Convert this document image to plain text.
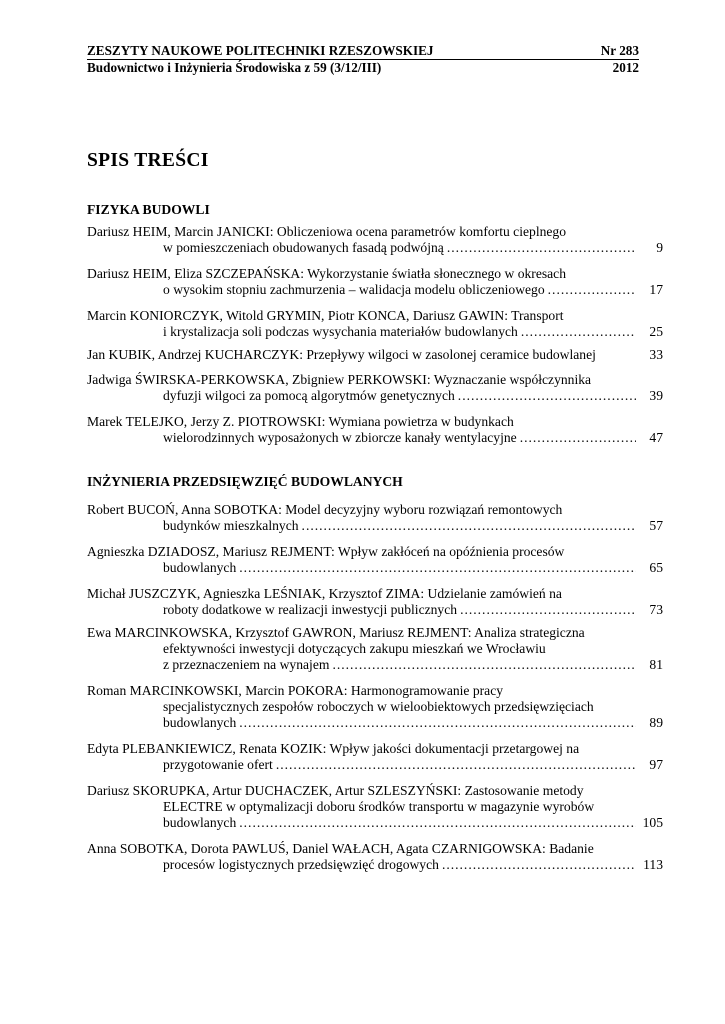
ZESZYTY NAUKOWE POLITECHNIKI RZESZOWSKIEJ	Nr 283
Budownictwo i Inżynieria Środowiska z 59 (3/12/III)	2012
SPIS TREŚCI
FIZYKA BUDOWLI
Dariusz HEIM, Marcin JANICKI: Obliczeniowa ocena parametrów komfortu cieplnego
w pomieszczeniach obudowanych fasadą podwójną . . .	9
Dariusz HEIM, Eliza SZCZEPAŃSKA: Wykorzystanie światła słonecznego w okresach
o wysokim stopniu zachmurzenia – walidacja modelu obliczeniowego . . .	17
Marcin KONIORCZYK, Witold GRYMIN, Piotr KONCA, Dariusz GAWIN: Transport
i krystalizacja soli podczas wysychania materiałów budowlanych . . .	25
Jan KUBIK, Andrzej KUCHARCZYK: Przepływy wilgoci w zasolonej ceramice budowlanej	33
Jadwiga ŚWIRSKA-PERKOWSKA, Zbigniew PERKOWSKI: Wyznaczanie współczynnika
dyfuzji wilgoci za pomocą algorytmów genetycznych . . .	39
Marek TELEJKO, Jerzy Z. PIOTROWSKI: Wymiana powietrza w budynkach
wielorodzinnych wyposażonych w zbiorcze kanały wentylacyjne . . .	47
INŻYNIERIA PRZEDSIĘWZIĘĆ BUDOWLANYCH
Robert BUCOŃ, Anna SOBOTKA: Model decyzyjny wyboru rozwiązań remontowych
budynków mieszkalnych . . .	57
Agnieszka DZIADOSZ, Mariusz REJMENT: Wpływ zakłóceń na opóźnienia procesów
budowlanych . . .	65
Michał JUSZCZYK, Agnieszka LEŚNIAK, Krzysztof ZIMA: Udzielanie zamówień na
roboty dodatkowe w realizacji inwestycji publicznych . . .	73
Ewa MARCINKOWSKA, Krzysztof GAWRON, Mariusz REJMENT: Analiza strategiczna
efektywności inwestycji dotyczących zakupu mieszkań we Wrocławiu
z przeznaczeniem na wynajem . . .	81
Roman MARCINKOWSKI, Marcin POKORA: Harmonogramowanie pracy
specjalistycznych zespołów roboczych w wieloobiektowych przedsięwzięciach
budowlanych . . .	89
Edyta PLEBANKIEWICZ, Renata KOZIK: Wpływ jakości dokumentacji przetargowej na
przygotowanie ofert . . .	97
Dariusz SKORUPKA, Artur DUCHACZEK, Artur SZLESZYŃSKI: Zastosowanie metody
ELECTRE w optymalizacji doboru środków transportu w magazynie wyrobów
budowlanych . . .	105
Anna SOBOTKA, Dorota PAWLUŚ, Daniel WAŁACH, Agata CZARNIGOWSKA: Badanie
procesów logistycznych przedsięwzięć drogowych . . .	113
